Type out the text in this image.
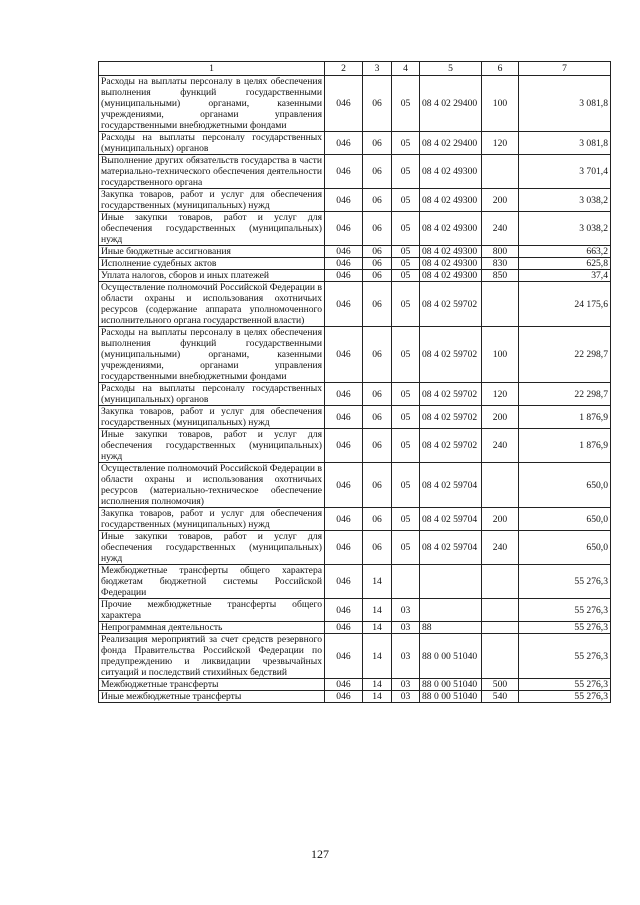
1	2	3	4	5	6	7
Расходы на выплаты персоналу в целях обеспечения выполнения функций государственными (муниципальными) органами, казенными учреждениями, органами управления государственными внебюджетными фондами	046	06	05	08 4 02 29400	100	3 081,8
Расходы на выплаты персоналу государственных (муниципальных) органов	046	06	05	08 4 02 29400	120	3 081,8
Выполнение других обязательств государства в части материально-технического обеспечения деятельности государственного органа	046	06	05	08 4 02 49300		3 701,4
Закупка товаров, работ и услуг для обеспечения государственных (муниципальных) нужд	046	06	05	08 4 02 49300	200	3 038,2
Иные закупки товаров, работ и услуг для обеспечения государственных (муниципальных) нужд	046	06	05	08 4 02 49300	240	3 038,2
Иные бюджетные ассигнования	046	06	05	08 4 02 49300	800	663,2
Исполнение судебных актов	046	06	05	08 4 02 49300	830	625,8
Уплата налогов, сборов и иных платежей	046	06	05	08 4 02 49300	850	37,4
Осуществление полномочий Российской Федерации в области охраны и использования охотничьих ресурсов (содержание аппарата уполномоченного исполнительного органа государственной власти)	046	06	05	08 4 02 59702		24 175,6
Расходы на выплаты персоналу в целях обеспечения выполнения функций государственными (муниципальными) органами, казенными учреждениями, органами управления государственными внебюджетными фондами	046	06	05	08 4 02 59702	100	22 298,7
Расходы на выплаты персоналу государственных (муниципальных) органов	046	06	05	08 4 02 59702	120	22 298,7
Закупка товаров, работ и услуг для обеспечения государственных (муниципальных) нужд	046	06	05	08 4 02 59702	200	1 876,9
Иные закупки товаров, работ и услуг для обеспечения государственных (муниципальных) нужд	046	06	05	08 4 02 59702	240	1 876,9
Осуществление полномочий Российской Федерации в области охраны и использования охотничьих ресурсов (материально-техническое обеспечение исполнения полномочия)	046	06	05	08 4 02 59704		650,0
Закупка товаров, работ и услуг для обеспечения государственных (муниципальных) нужд	046	06	05	08 4 02 59704	200	650,0
Иные закупки товаров, работ и услуг для обеспечения государственных (муниципальных) нужд	046	06	05	08 4 02 59704	240	650,0
Межбюджетные трансферты общего характера бюджетам бюджетной системы Российской Федерации	046	14				55 276,3
Прочие межбюджетные трансферты общего характера	046	14	03			55 276,3
Непрограммная деятельность	046	14	03	88		55 276,3
Реализация мероприятий за счет средств резервного фонда Правительства Российской Федерации по предупреждению и ликвидации чрезвычайных ситуаций и последствий стихийных бедствий	046	14	03	88 0 00 51040		55 276,3
Межбюджетные трансферты	046	14	03	88 0 00 51040	500	55 276,3
Иные межбюджетные трансферты	046	14	03	88 0 00 51040	540	55 276,3
127
